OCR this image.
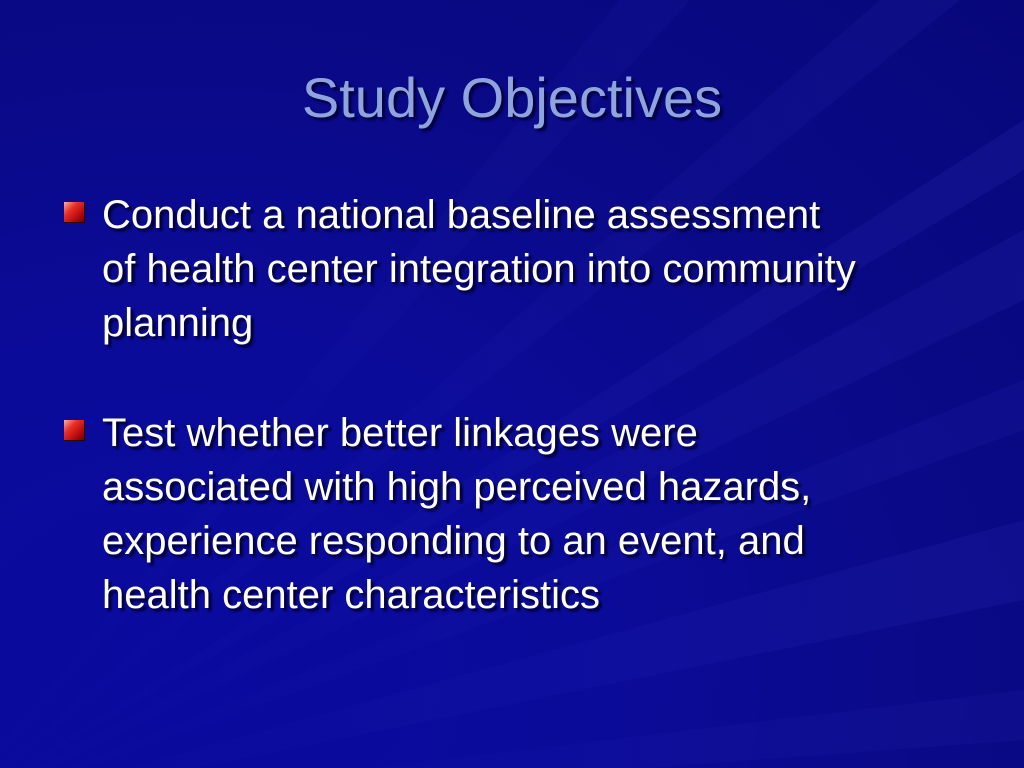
Study Objectives
Conduct a national baseline assessment
of health center integration into community
planning
Test whether better linkages were
associated with high perceived hazards,
experience responding to an event, and
health center characteristics
